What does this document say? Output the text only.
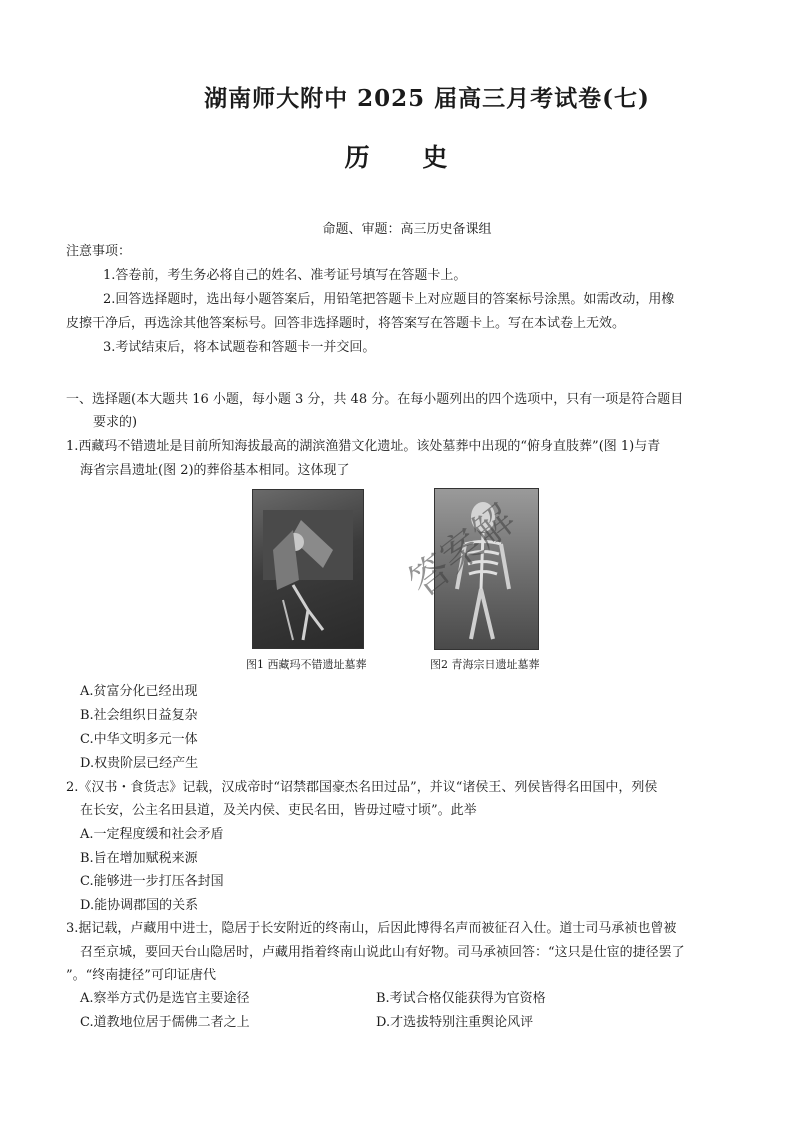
湖南师大附中 2025 届高三月考试卷(七)
历 史
命题、审题：高三历史备课组
注意事项：
1.答卷前，考生务必将自己的姓名、准考证号填写在答题卡上。
2.回答选择题时，选出每小题答案后，用铅笔把答题卡上对应题目的答案标号涂黑。如需改动，用橡
皮擦干净后，再选涂其他答案标号。回答非选择题时，将答案写在答题卡上。写在本试卷上无效。
3.考试结束后，将本试题卷和答题卡一并交回。
一、选择题(本大题共 16 小题，每小题 3 分，共 48 分。在每小题列出的四个选项中，只有一项是符合题目
要求的)
1.西藏玛不错遗址是目前所知海拔最高的湖滨渔猎文化遗址。该处墓葬中出现的“俯身直肢葬”(图 1)与青
海省宗昌遗址(图 2)的葬俗基本相同。这体现了
图1 西藏玛不错遗址墓葬	图2 青海宗日遗址墓葬
答案解
A.贫富分化已经出现
B.社会组织日益复杂
C.中华文明多元一体
D.权贵阶层已经产生
2.《汉书・食货志》记载，汉成帝时“诏禁郡国豪杰名田过品”，并议“诸侯王、列侯皆得名田国中，列侯
在长安，公主名田县道，及关内侯、吏民名田，皆毋过噎寸顷”。此举
A.一定程度缓和社会矛盾
B.旨在增加赋税来源
C.能够进一步打压各封国
D.能协调郡国的关系
3.据记载，卢藏用中进士，隐居于长安附近的终南山，后因此博得名声而被征召入仕。道士司马承祯也曾被
召至京城，要回天台山隐居时，卢藏用指着终南山说此山有好物。司马承祯回答：“这只是仕宦的捷径罢了
”。“终南捷径”可印证唐代
A.察举方式仍是选官主要途径	B.考试合格仅能获得为官资格
C.道教地位居于儒佛二者之上	D.才选拔特别注重舆论风评
